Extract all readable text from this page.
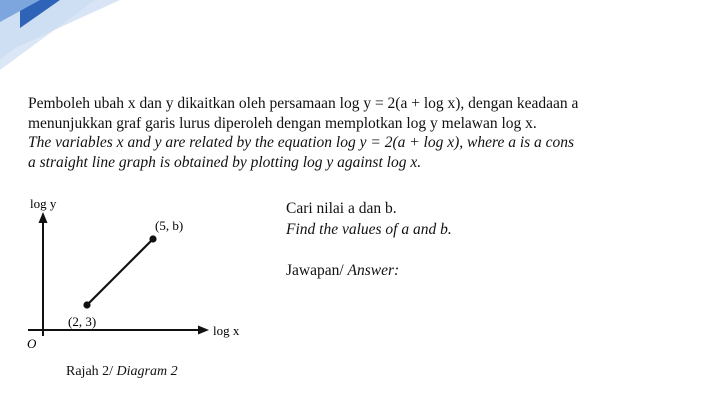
Pemboleh ubah x dan y dikaitkan oleh persamaan log y = 2(a + log x), dengan keadaan a
menunjukkan graf garis lurus diperoleh dengan memplotkan log y melawan log x.
The variables x and y are related by the equation log y = 2(a + log x), where a is a cons
a straight line graph is obtained by plotting log y against log x.
log y
log x
O
(2, 3)
(5, b)
Rajah 2/ Diagram 2
Cari nilai a dan b.
Find the values of a and b.
Jawapan/ Answer:
